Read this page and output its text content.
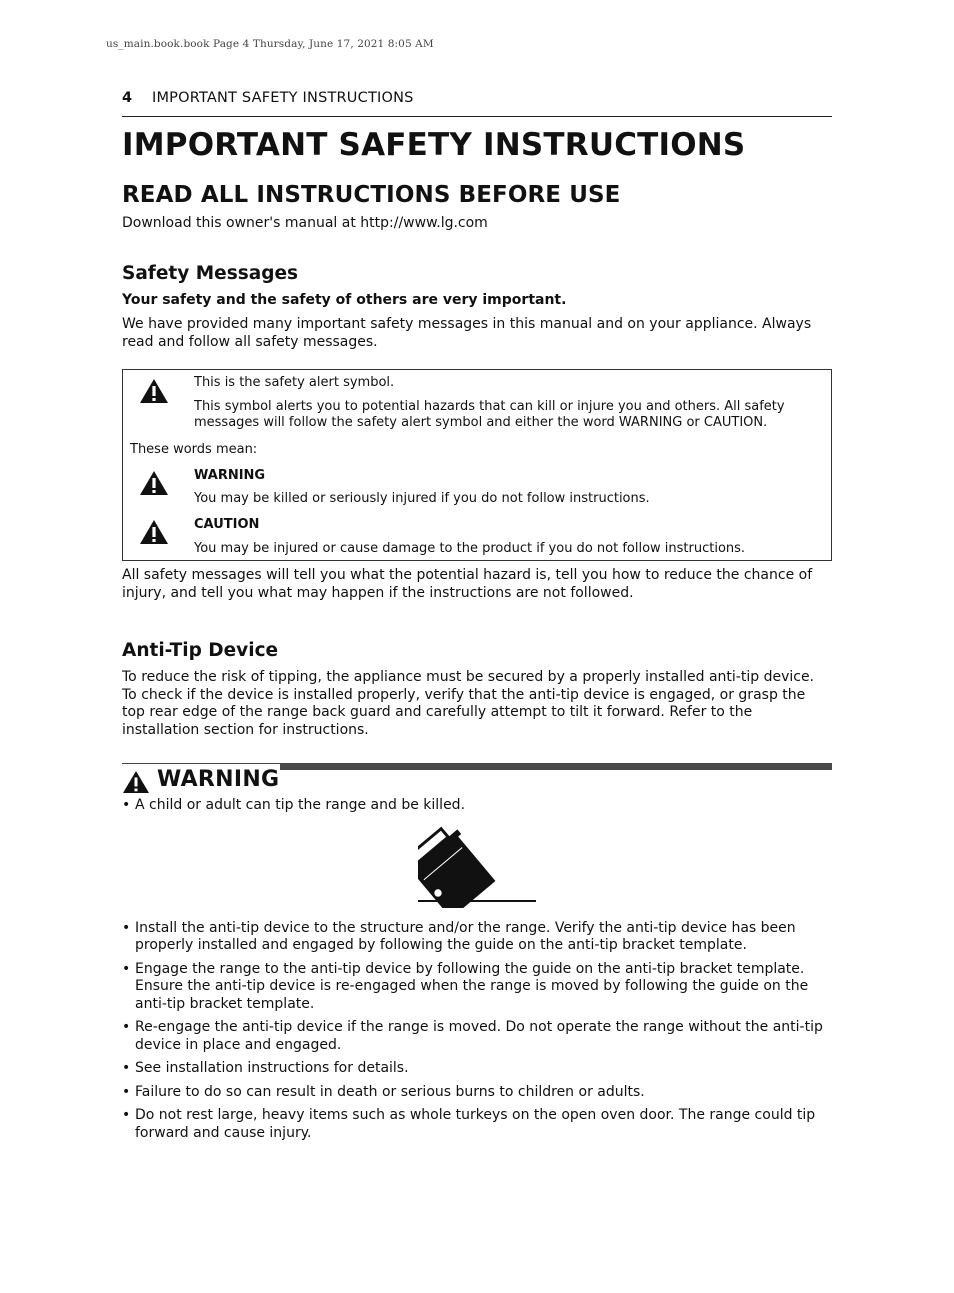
us_main.book.book Page 4 Thursday, June 17, 2021 8:05 AM
4 IMPORTANT SAFETY INSTRUCTIONS
IMPORTANT SAFETY INSTRUCTIONS
READ ALL INSTRUCTIONS BEFORE USE

Download this owner's manual at http://www.lg.com

Safety Messages

Your safety and the safety of others are very important.

We have provided many important safety messages in this manual and on your appliance. Always read and follow all safety messages.

This is the safety alert symbol.
This symbol alerts you to potential hazards that can kill or injure you and others. All safety messages will follow the safety alert symbol and either the word WARNING or CAUTION.
These words mean:
WARNING
You may be killed or seriously injured if you do not follow instructions.
CAUTION
You may be injured or cause damage to the product if you do not follow instructions.

All safety messages will tell you what the potential hazard is, tell you how to reduce the chance of injury, and tell you what may happen if the instructions are not followed.

Anti-Tip Device

To reduce the risk of tipping, the appliance must be secured by a properly installed anti-tip device. To check if the device is installed properly, verify that the anti-tip device is engaged, or grasp the top rear edge of the range back guard and carefully attempt to tilt it forward. Refer to the installation section for instructions.

WARNING
• A child or adult can tip the range and be killed.
• Install the anti-tip device to the structure and/or the range. Verify the anti-tip device has been properly installed and engaged by following the guide on the anti-tip bracket template.
• Engage the range to the anti-tip device by following the guide on the anti-tip bracket template. Ensure the anti-tip device is re-engaged when the range is moved by following the guide on the anti-tip bracket template.
• Re-engage the anti-tip device if the range is moved. Do not operate the range without the anti-tip device in place and engaged.
• See installation instructions for details.
• Failure to do so can result in death or serious burns to children or adults.
• Do not rest large, heavy items such as whole turkeys on the open oven door. The range could tip forward and cause injury.
